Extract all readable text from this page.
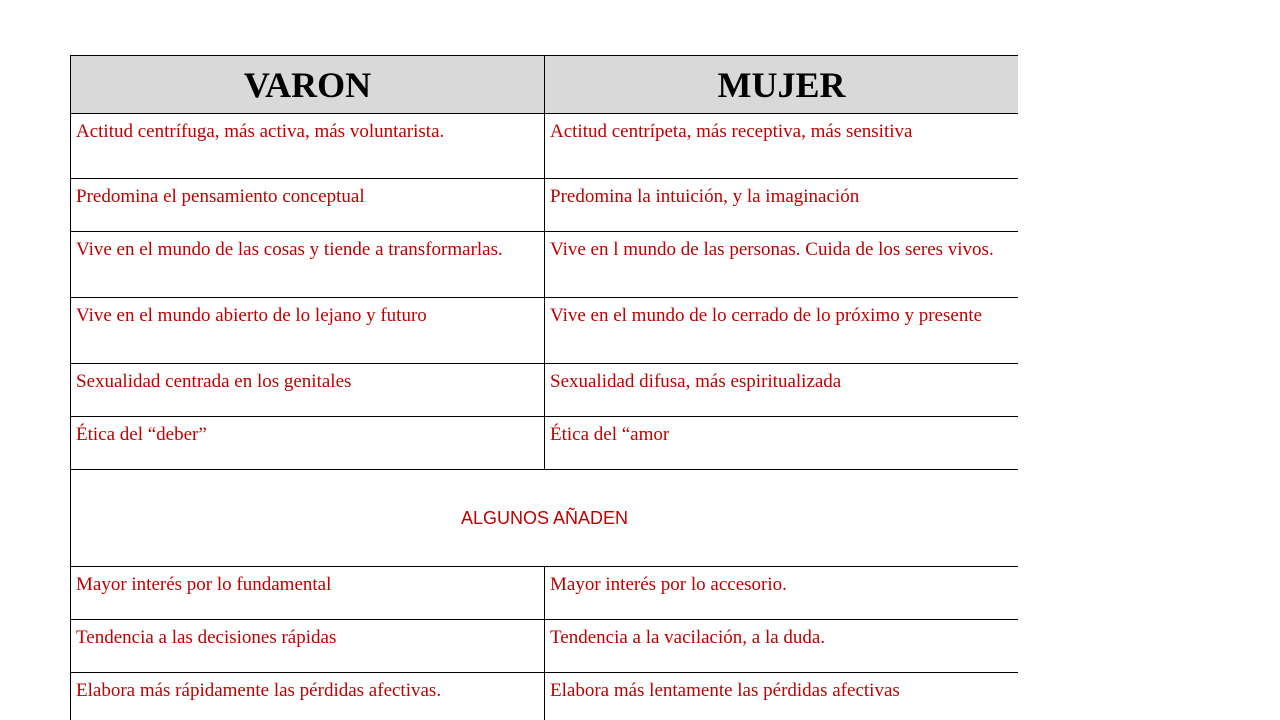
VARON	MUJER
Actitud centrífuga, más activa, más voluntarista.	Actitud centrípeta, más receptiva, más sensitiva
Predomina el pensamiento conceptual	Predomina la intuición, y la imaginación
Vive en el mundo de las cosas y tiende a transformarlas.	Vive en l mundo de las personas. Cuida de los seres vivos.
Vive en el mundo abierto de lo lejano y futuro	Vive en el mundo de lo cerrado de lo próximo y presente
Sexualidad centrada en los genitales	Sexualidad difusa, más espiritualizada
Ética del “deber”	Ética del “amor
ALGUNOS AÑADEN	
Mayor interés por lo fundamental	Mayor interés por lo accesorio.
Tendencia a las decisiones rápidas	Tendencia a la vacilación, a la duda.
Elabora más rápidamente las pérdidas afectivas.	Elabora más lentamente las pérdidas afectivas
